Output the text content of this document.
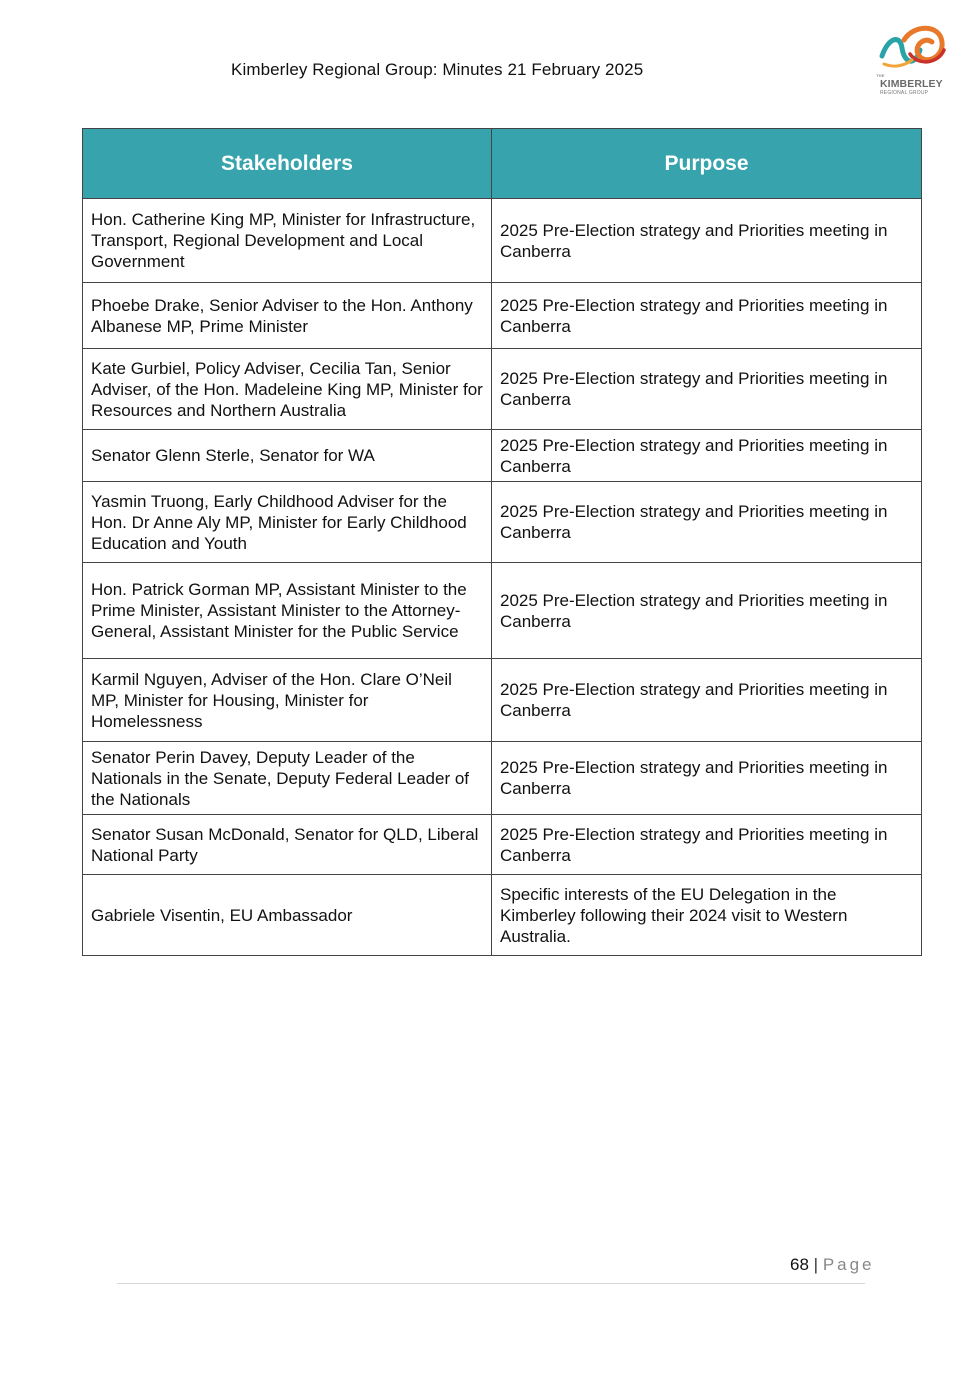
Kimberley Regional Group: Minutes 21 February 2025	THE
KIMBERLEY
REGIONAL GROUP
Stakeholders	Purpose
Hon. Catherine King MP, Minister for Infrastructure, Transport, Regional Development and Local Government	2025 Pre-Election strategy and Priorities meeting in Canberra
Phoebe Drake, Senior Adviser to the Hon. Anthony Albanese MP, Prime Minister	2025 Pre-Election strategy and Priorities meeting in Canberra
Kate Gurbiel, Policy Adviser, Cecilia Tan, Senior Adviser, of the Hon. Madeleine King MP, Minister for Resources and Northern Australia	2025 Pre-Election strategy and Priorities meeting in Canberra
Senator Glenn Sterle, Senator for WA	2025 Pre-Election strategy and Priorities meeting in Canberra
Yasmin Truong, Early Childhood Adviser for the Hon. Dr Anne Aly MP, Minister for Early Childhood Education and Youth	2025 Pre-Election strategy and Priorities meeting in Canberra
Hon. Patrick Gorman MP, Assistant Minister to the Prime Minister, Assistant Minister to the Attorney-General, Assistant Minister for the Public Service	2025 Pre-Election strategy and Priorities meeting in Canberra
Karmil Nguyen, Adviser of the Hon. Clare O’Neil MP, Minister for Housing, Minister for Homelessness	2025 Pre-Election strategy and Priorities meeting in Canberra
Senator Perin Davey, Deputy Leader of the Nationals in the Senate, Deputy Federal Leader of the Nationals	2025 Pre-Election strategy and Priorities meeting in Canberra
Senator Susan McDonald, Senator for QLD, Liberal National Party	2025 Pre-Election strategy and Priorities meeting in Canberra
Gabriele Visentin, EU Ambassador	Specific interests of the EU Delegation in the Kimberley following their 2024 visit to Western Australia.
68 | Page
